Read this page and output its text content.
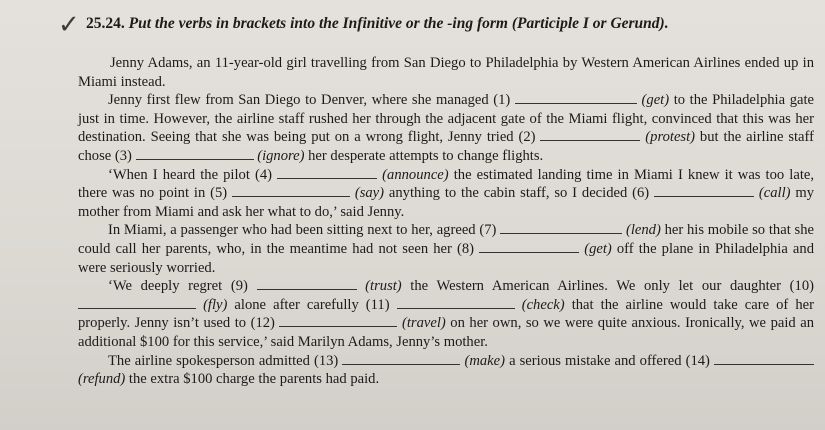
✓ 25.24. Put the verbs in brackets into the Infinitive or the -ing form (Participle I or Gerund).

Jenny Adams, an 11-year-old girl travelling from San Diego to Philadelphia by Western American Airlines ended up in Miami instead.

Jenny first flew from San Diego to Denver, where she managed (1)	(get) to the Philadelphia gate just in time. However, the airline staff rushed her through the adjacent gate of the Miami flight, convinced that this was her destination. Seeing that she was being put on a wrong flight, Jenny tried (2)	(protest) but the airline staff chose (3)	(ignore) her desperate attempts to change flights.

‘When I heard the pilot (4)	(announce) the estimated landing time in Miami I knew it was too late, there was no point in (5)	(say) anything to the cabin staff, so I decided (6)	(call) my mother from Miami and ask her what to do,’ said Jenny.

In Miami, a passenger who had been sitting next to her, agreed (7)	(lend) her his mobile so that she could call her parents, who, in the meantime had not seen her (8)	(get) off the plane in Philadelphia and were seriously worried.

‘We deeply regret (9)	(trust) the Western American Airlines. We only let our daughter (10)  (fly) alone after carefully (11)	(check) that the airline would take care of her properly. Jenny isn’t used to (12)	(travel) on her own, so we were quite anxious. Ironically, we paid an additional $100 for this service,’ said Marilyn Adams, Jenny’s mother.

The airline spokesperson admitted (13)	(make) a serious mistake and offered (14)  (refund) the extra $100 charge the parents had paid.
